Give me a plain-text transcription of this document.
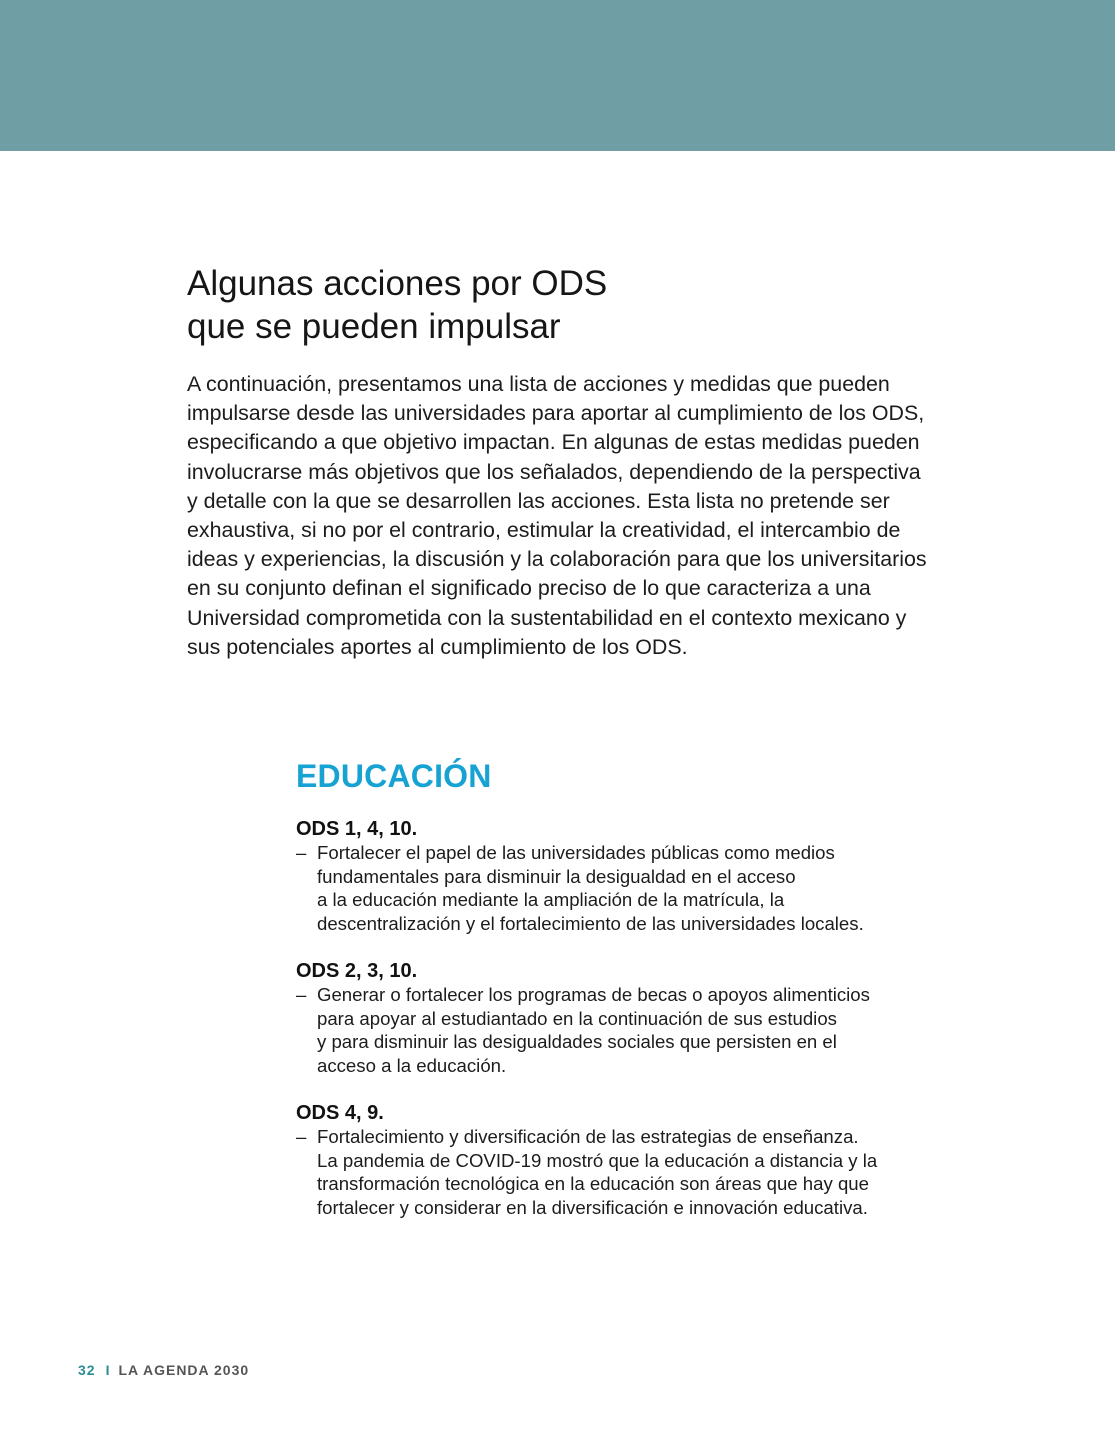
Algunas acciones por ODS
que se pueden impulsar
A continuación, presentamos una lista de acciones y medidas que pueden
impulsarse desde las universidades para aportar al cumplimiento de los ODS,
especificando a que objetivo impactan. En algunas de estas medidas pueden
involucrarse más objetivos que los señalados, dependiendo de la perspectiva
y detalle con la que se desarrollen las acciones. Esta lista no pretende ser
exhaustiva, si no por el contrario, estimular la creatividad, el intercambio de
ideas y experiencias, la discusión y la colaboración para que los universitarios
en su conjunto definan el significado preciso de lo que caracteriza a una
Universidad comprometida con la sustentabilidad en el contexto mexicano y
sus potenciales aportes al cumplimiento de los ODS.
EDUCACIÓN

ODS 1, 4, 10.

– Fortalecer el papel de las universidades públicas como medios
fundamentales para disminuir la desigualdad en el acceso
a la educación mediante la ampliación de la matrícula, la
descentralización y el fortalecimiento de las universidades locales.

ODS 2, 3, 10.

– Generar o fortalecer los programas de becas o apoyos alimenticios
para apoyar al estudiantado en la continuación de sus estudios
y para disminuir las desigualdades sociales que persisten en el
acceso a la educación.

ODS 4, 9.

– Fortalecimiento y diversificación de las estrategias de enseñanza.
La pandemia de COVID-19 mostró que la educación a distancia y la
transformación tecnológica en la educación son áreas que hay que
fortalecer y considerar en la diversificación e innovación educativa.
32 I LA AGENDA 2030
